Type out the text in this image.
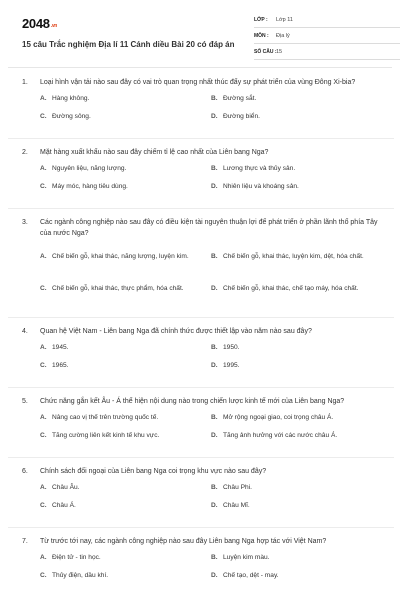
2048.vn
15 câu Trắc nghiệm Địa lí 11 Cánh diều Bài 20 có đáp án
LỚP : Lớp 11
MÔN : Địa lý
SỐ CÂU : 15
1. Loại hình vận tải nào sau đây có vai trò quan trọng nhất thúc đẩy sự phát triển của vùng Đông Xi-bia?
A. Hàng không.	B. Đường sắt.
C. Đường sông.	D. Đường biển.
2. Mặt hàng xuất khẩu nào sau đây chiếm tỉ lệ cao nhất của Liên bang Nga?
A. Nguyên liệu, năng lượng.	B. Lương thực và thủy sản.
C. Máy móc, hàng tiêu dùng.	D. Nhiên liệu và khoáng sản.
3. Các ngành công nghiệp nào sau đây có điều kiện tài nguyên thuận lợi để phát triển ở phần lãnh thổ phía Tây của nước Nga?
A. Chế biến gỗ, khai thác, năng lượng, luyện kim.	B. Chế biến gỗ, khai thác, luyện kim, dệt, hóa chất.
C. Chế biến gỗ, khai thác, thực phẩm, hóa chất.	D. Chế biến gỗ, khai thác, chế tạo máy, hóa chất.
4. Quan hệ Việt Nam - Liên bang Nga đã chính thức được thiết lập vào năm nào sau đây?
A. 1945.	B. 1950.
C. 1965.	D. 1995.
5. Chức năng gắn kết Âu - Á thể hiện nội dung nào trong chiến lược kinh tế mới của Liên bang Nga?
A. Nâng cao vị thế trên trường quốc tế.	B. Mở rộng ngoại giao, coi trọng châu Á.
C. Tăng cường liên kết kinh tế khu vực.	D. Tăng ảnh hưởng với các nước châu Á.
6. Chính sách đối ngoại của Liên bang Nga coi trọng khu vực nào sau đây?
A. Châu Âu.	B. Châu Phi.
C. Châu Á.	D. Châu Mĩ.
7. Từ trước tới nay, các ngành công nghiệp nào sau đây Liên bang Nga hợp tác với Việt Nam?
A. Điện tử - tin học.	B. Luyện kim màu.
C. Thủy điện, dầu khí.	D. Chế tạo, dệt - may.
